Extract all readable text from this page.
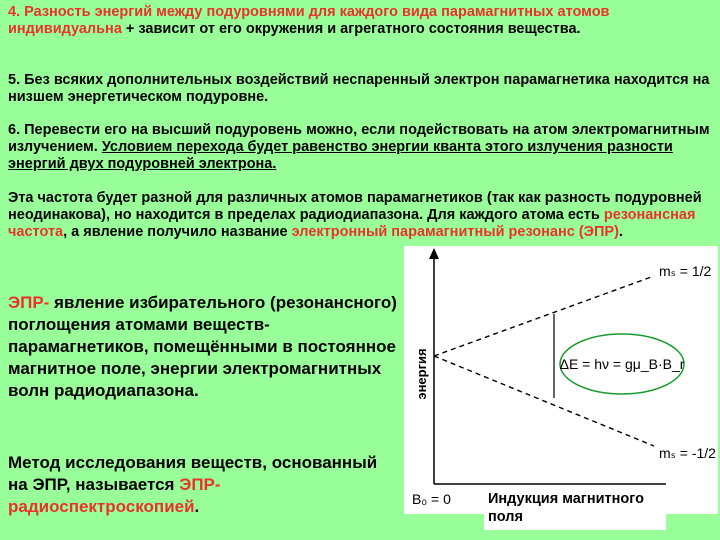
4. Разность энергий между подуровнями для каждого вида парамагнитных атомов индивидуальна + зависит от его окружения и агрегатного состояния вещества.

5. Без всяких дополнительных воздействий неспаренный электрон парамагнетика находится на низшем энергетическом подуровне.

6. Перевести его на высший подуровень можно, если подействовать на атом электромагнитным излучением. Условием перехода будет равенство энергии кванта этого излучения разности энергий двух подуровней электрона.

Эта частота будет разной для различных атомов парамагнетиков (так как разность подуровней неодинакова), но находится в пределах радиодиапазона. Для каждого атома есть резонансная частота, а явление получило название электронный парамагнитный резонанс (ЭПР).

ЭПР- явление избирательного (резонансного) поглощения атомами веществ-парамагнетиков, помещёнными в постоянное магнитное поле, энергии электромагнитных волн радиодиапазона.

Метод исследования веществ, основанный на ЭПР, называется ЭПР-радиоспектроскопией.

ΔE = hν = gμ_B·B_r
энергия
mₛ = 1/2
mₛ = -1/2
B₀ = 0	Индукция магнитного поля
